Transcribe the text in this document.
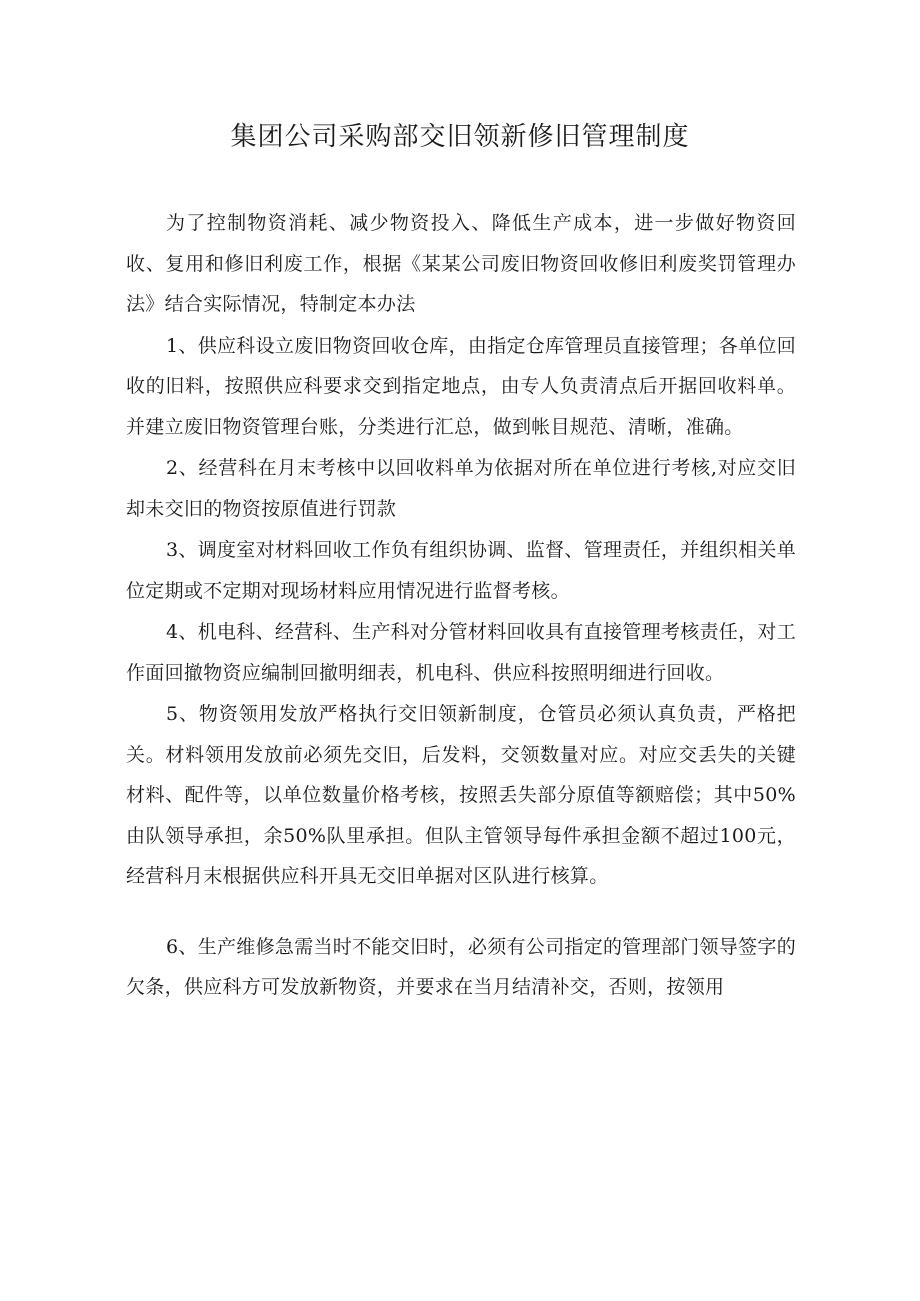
集团公司采购部交旧领新修旧管理制度

为了控制物资消耗、减少物资投入、降低生产成本，进一步做好物资回收、复用和修旧利废工作，根据《某某公司废旧物资回收修旧利废奖罚管理办法》结合实际情况，特制定本办法

1、供应科设立废旧物资回收仓库，由指定仓库管理员直接管理；各单位回收的旧料，按照供应科要求交到指定地点，由专人负责清点后开据回收料单。并建立废旧物资管理台账，分类进行汇总，做到帐目规范、清晰，准确。

2、经营科在月末考核中以回收料单为依据对所在单位进行考核,对应交旧却未交旧的物资按原值进行罚款

3、调度室对材料回收工作负有组织协调、监督、管理责任，并组织相关单位定期或不定期对现场材料应用情况进行监督考核。

4、机电科、经营科、生产科对分管材料回收具有直接管理考核责任，对工作面回撤物资应编制回撤明细表，机电科、供应科按照明细进行回收。

5、物资领用发放严格执行交旧领新制度，仓管员必须认真负责，严格把关。材料领用发放前必须先交旧，后发料，交领数量对应。对应交丢失的关键材料、配件等，以单位数量价格考核，按照丢失部分原值等额赔偿；其中50%由队领导承担，余50%队里承担。但队主管领导每件承担金额不超过100元，经营科月末根据供应科开具无交旧单据对区队进行核算。

6、生产维修急需当时不能交旧时，必须有公司指定的管理部门领导签字的欠条，供应科方可发放新物资，并要求在当月结清补交，否则，按领用
